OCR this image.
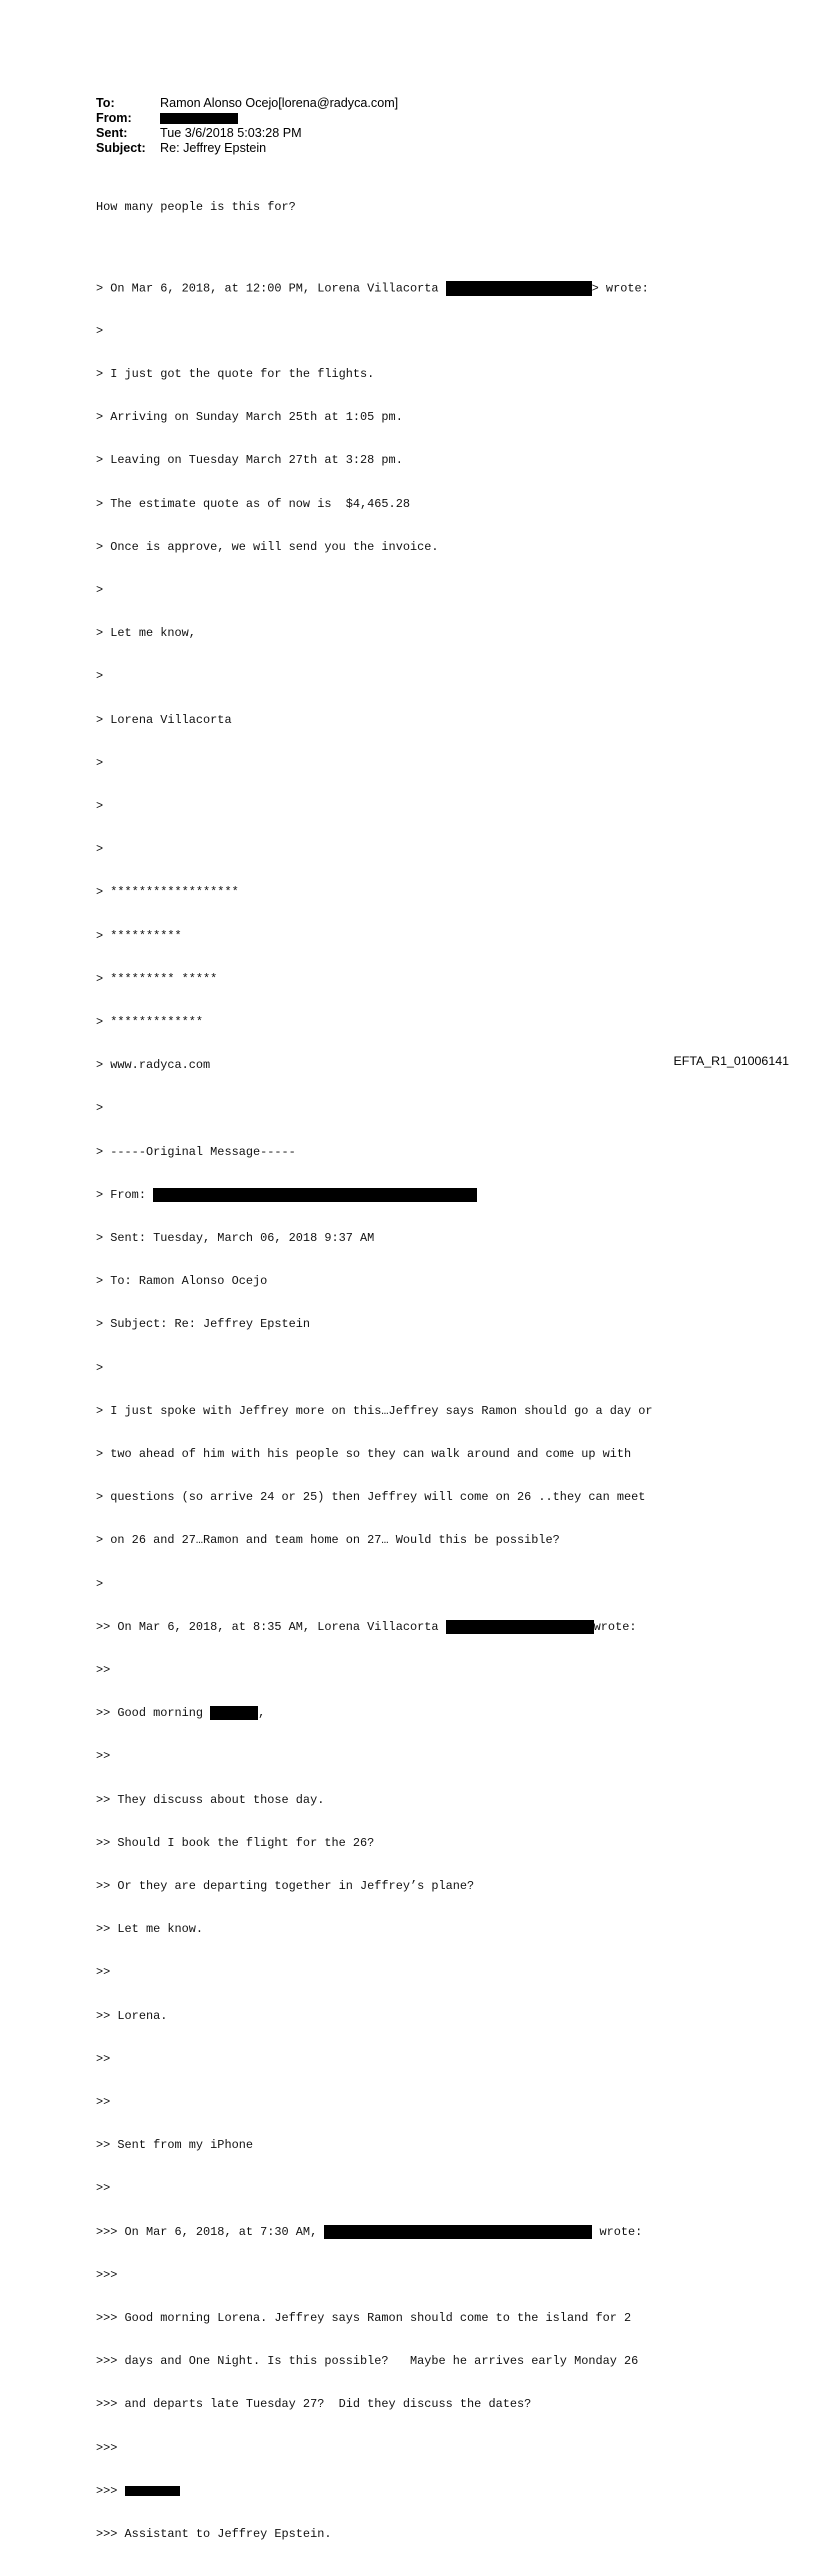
To:	Ramon Alonso Ocejo[lorena@radyca.com]
From:
Sent:	Tue 3/6/2018 5:03:28 PM
Subject:	Re: Jeffrey Epstein

How many people is this for?

> On Mar 6, 2018, at 12:00 PM, Lorena Villacorta	> wrote:

>

> I just got the quote for the flights.

> Arriving on Sunday March 25th at 1:05 pm.

> Leaving on Tuesday March 27th at 3:28 pm.

> The estimate quote as of now is  $4,465.28

> Once is approve, we will send you the invoice.

>

> Let me know,

>

> Lorena Villacorta

>

>

>

> ******************

> **********

> ********* *****

> *************

> www.radyca.com

>

> -----Original Message-----

> From:

> Sent: Tuesday, March 06, 2018 9:37 AM

> To: Ramon Alonso Ocejo

> Subject: Re: Jeffrey Epstein

>

> I just spoke with Jeffrey more on this…Jeffrey says Ramon should go a day or

> two ahead of him with his people so they can walk around and come up with

> questions (so arrive 24 or 25) then Jeffrey will come on 26 ..they can meet

> on 26 and 27…Ramon and team home on 27… Would this be possible?

>

>> On Mar 6, 2018, at 8:35 AM, Lorena Villacorta	wrote:

>>

>> Good morning	,

>>

>> They discuss about those day.

>> Should I book the flight for the 26?

>> Or they are departing together in Jeffrey’s plane?

>> Let me know.

>>

>> Lorena.

>>

>>

>> Sent from my iPhone

>>

>>> On Mar 6, 2018, at 7:30 AM,	wrote:

>>>

>>> Good morning Lorena. Jeffrey says Ramon should come to the island for 2

>>> days and One Night. Is this possible?   Maybe he arrives early Monday 26

>>> and departs late Tuesday 27?  Did they discuss the dates?

>>>

>>>

>>> Assistant to Jeffrey Epstein.

EFTA_R1_01006141
